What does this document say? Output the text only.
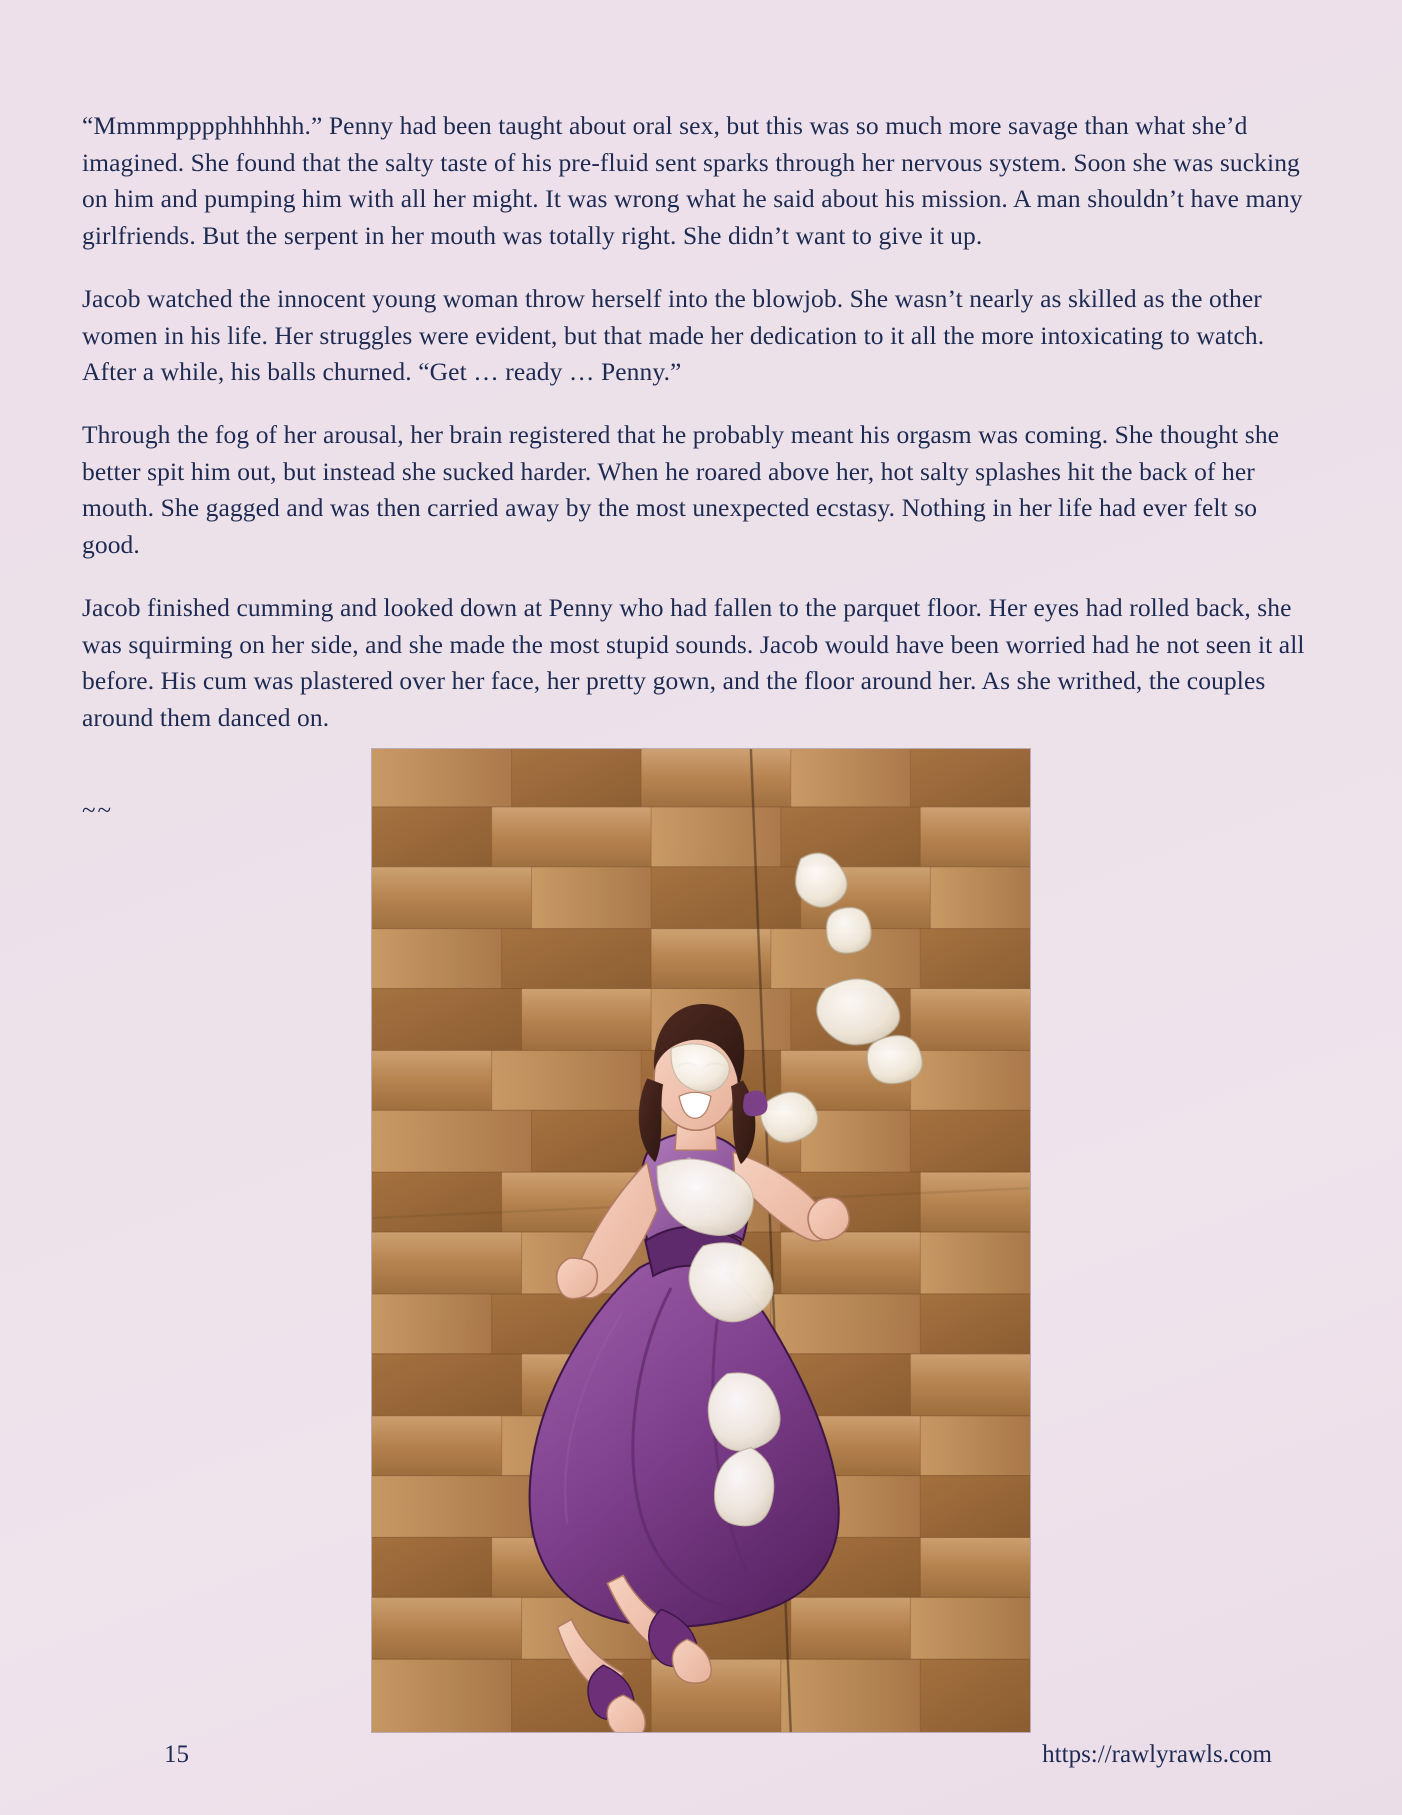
“Mmmmpppphhhhhh.” Penny had been taught about oral sex, but this was so much more savage than what she’d imagined. She found that the salty taste of his pre-fluid sent sparks through her nervous system. Soon she was sucking on him and pumping him with all her might. It was wrong what he said about his mission. A man shouldn’t have many girlfriends. But the serpent in her mouth was totally right. She didn’t want to give it up.

Jacob watched the innocent young woman throw herself into the blowjob. She wasn’t nearly as skilled as the other women in his life. Her struggles were evident, but that made her dedication to it all the more intoxicating to watch. After a while, his balls churned. “Get … ready … Penny.”

Through the fog of her arousal, her brain registered that he probably meant his orgasm was coming. She thought she better spit him out, but instead she sucked harder. When he roared above her, hot salty splashes hit the back of her mouth. She gagged and was then carried away by the most unexpected ecstasy. Nothing in her life had ever felt so good.

Jacob finished cumming and looked down at Penny who had fallen to the parquet floor. Her eyes had rolled back, she was squirming on her side, and she made the most stupid sounds. Jacob would have been worried had he not seen it all before. His cum was plastered over her face, her pretty gown, and the floor around her. As she writhed, the couples around them danced on.

~~
15	https://rawlyrawls.com
